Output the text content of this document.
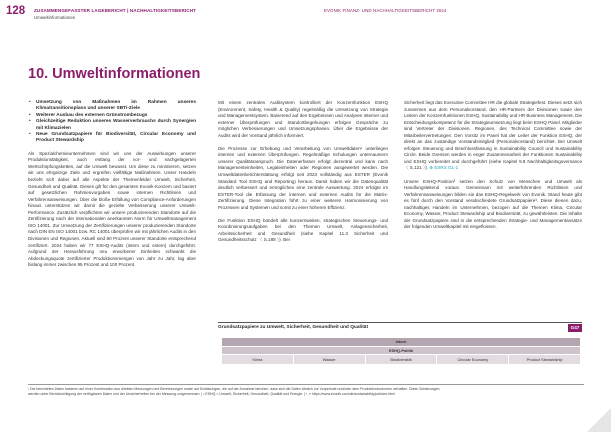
128 ZUSAMMENGEFASSTER LAGEBERICHT | NACHHALTIGKEITSBERICHT
Umweltinformationen
EVONIK FINANZ- UND NACHHALTIGKEITSBERICHT 2024
10. Umweltinformationen
• Umsetzung von Maßnahmen im Rahmen unseres Klimatransitionsplans und unserer SBTi-Ziele
• Weiterer Ausbau des externen Grünstrombezugs
• Gleichzeitige Reduktion unseres Wasserverbrauchs durch Synergien mit Klimazielen
• Neue Grundsatzpapiere für Biodiversität, Circular Economy und Product Stewardship

Als Spezialchemieunternehmen sind wir uns der Auswirkungen unserer Produktionstätigkeit, auch entlang der vor- und nachgelagerten Wertschöpfungsketten, auf die Umwelt bewusst. Um diese zu minimieren, setzen wir uns ehrgeizige Ziele und ergreifen vielfältige Maßnahmen. Unser Handeln bezieht sich dabei auf alle Aspekte der Themenfelder Umwelt, Sicherheit, Gesundheit und Qualität. Dieses gilt für den gesamten Evonik-Konzern und basiert auf gesetzlichen Rahmenvorgaben sowie internen Richtlinien und Verfahrensanweisungen. Über die bloße Erfüllung von Compliance-Anforderungen hinaus unterstützen wir damit die gezielte Verbesserung unserer Umwelt-Performance. Zusätzlich verpflichten wir unsere produzierenden Standorte auf die Zertifizierung nach der internationalen anerkannten Norm für Umweltmanagement ISO 14001. Zur Umsetzung der Zertifizierungen unserer produzierenden Standorte nach DIN EN ISO 14001 bzw. RC 14001 überprüfen wir mit jährlichen Audits in den Divisionen und Regionen. Aktuell sind 80 Prozent unserer Standorte entsprechend zertifiziert. 2024 haben wir 77 ESHQ-Audits (intern und extern) durchgeführt. Aufgrund der Herausführung neu erworbener Einheiten schwankt die Abdeckungsquote zertifizierter Produktionsmengen von Jahr zu Jahr, lag aber bislang immer zwischen 95 Prozent und 100 Prozent.

Mit einem zentralen Auditsystem kontrolliert der Konzernfunktion ESHQ (Environment, Safety, Health & Quality) regelmäßig die Umsetzung von Strategie und Managementsystem. Basierend auf den Ergebnissen und Analysen interner und externer Überprüfungen und Standortbegehungen erfolgen Gespräche zu möglichen Verbesserungen und Umsetzungsphasen. Über die Ergebnisse der Audits wird der Vorstand jährlich informiert.

Die Prozesse zur Erhebung und Verarbeitung von Umweltdaten¹ unterliegen internen und externen Überprüfungen. Regelmäßige Schulungen unternaumern unserer Qualitätsanspruch. Die Datenerfasser erfolgt dezentral und kann nach Managementeinheiten, Legaleinheiten oder Regionen ausgewertet werden. Die Umweltdatenberichterstattung erfolgt seit 2023 vollständig aus ESTER (Evonik Standard Tool ESHQ and Reporting) heraus. Damit haben wir die Datenqualität deutlich verbessert und ermöglichen eine zentrale Auswertung. 2024 erfolgte im ESTER-Tool die Erfassung der internen und externen Audits für die Matrix-Zertifizierung. Diese Integration führt zu einer weiteren Harmonisierung von Prozessen und Systemen und somit zu einer höheren Effizienz.

Die Funktion ESHQ bündelt alle konzernweiten, strategischen Steuerungs- und Koordinierungsaufgaben bei den Themen Umwelt, Anlagensicherheit, Arbeitssicherheit und Gesundheit (siehe Kapitel 11.3 Sicherheit und Gesundheitsschutz 〈 S.188 〉). Bei

Sicherheit liegt das Executive Committee HR die globale Strategiefest. Dieses setzt sich zusammen aus dem Personalvorstand, den HR-Partnern der Divisionen sowie den Leitern der Konzernfunktionen ESHQ, Sustainability und HR Business Management. Die Entscheidungskompetenz für die Strategieumsetzung liegt beim ESHQ Panel. Mitglieder sind Vertreter der Divisionen, Regionen, des Technical Committee sowie der Mitarbeitervertretungen. Den Vorsitz im Panel hat der Leiter der Funktion ESHQ, der direkt an das zuständige Vorstandsmitglied (Personalvorstand) berichtet. Bei Umwelt erfolgen Steuerung und Beschlussfassung in Sustainability Council und Sustainability Circle. Beide Gremien werden in enger Zusammenarbeit der Funktionen Sustainability und ESHQ vorbereitet und durchgeführt (siehe Kapitel 9.8 Nachhaltigkeitsgovernance 〈 S.121 〉). ⊕ ESRS G1-1

Unsere ESHQ-Position² setzen den Schutz von Menschen und Umwelt als Handlungsleitend voraus. Gemeinsam mit weiterführenden Richtlinien und Verfahrensanweisungen bilden sie das ESHQ-Regelwerk von Evonik. Stand heute gibt es fünf durch den Vorstand verabschiedete Grundsatzpapiere³. Diese dienen dazu, nachhaltiges Handeln im Unternehmen, bezogen auf die Themen Klima, Circular Economy, Wasser, Product Stewardship und Biodiversität, zu gewährleisten. Die Inhalte der Grundsatzpapiere sind in die entsprechenden Strategie- und Managementansätze der folgenden Umweltkapitel mit eingeflossen.

Grundsatzpapiere zu Umwelt, Sicherheit, Gesundheit und Qualität	G47
Intern
ESHQ-Politik
Klima	Wasser	Biodiversität	Circular Economy	Product Stewardship
¹ Die berichteten Daten basieren auf einer Kombination aus direkten Messungen und Berechnungen sowie auf Schätzungen, die auf der Annahme beruhen, dass sich die Daten ähnlich zur Vorperiode und/oder dem Produktionsvolumen verhalten. Diese Schätzungen
werden unter Berücksichtigung der verfügbaren Daten und der Unsicherheiten bei der Messung vorgenommen. | ² ESHQ = Umwelt, Sicherheit, Gesundheit, Qualität und Energie. | ³ ↗ https://www.evonik.com/de/sustainability/policies.html
